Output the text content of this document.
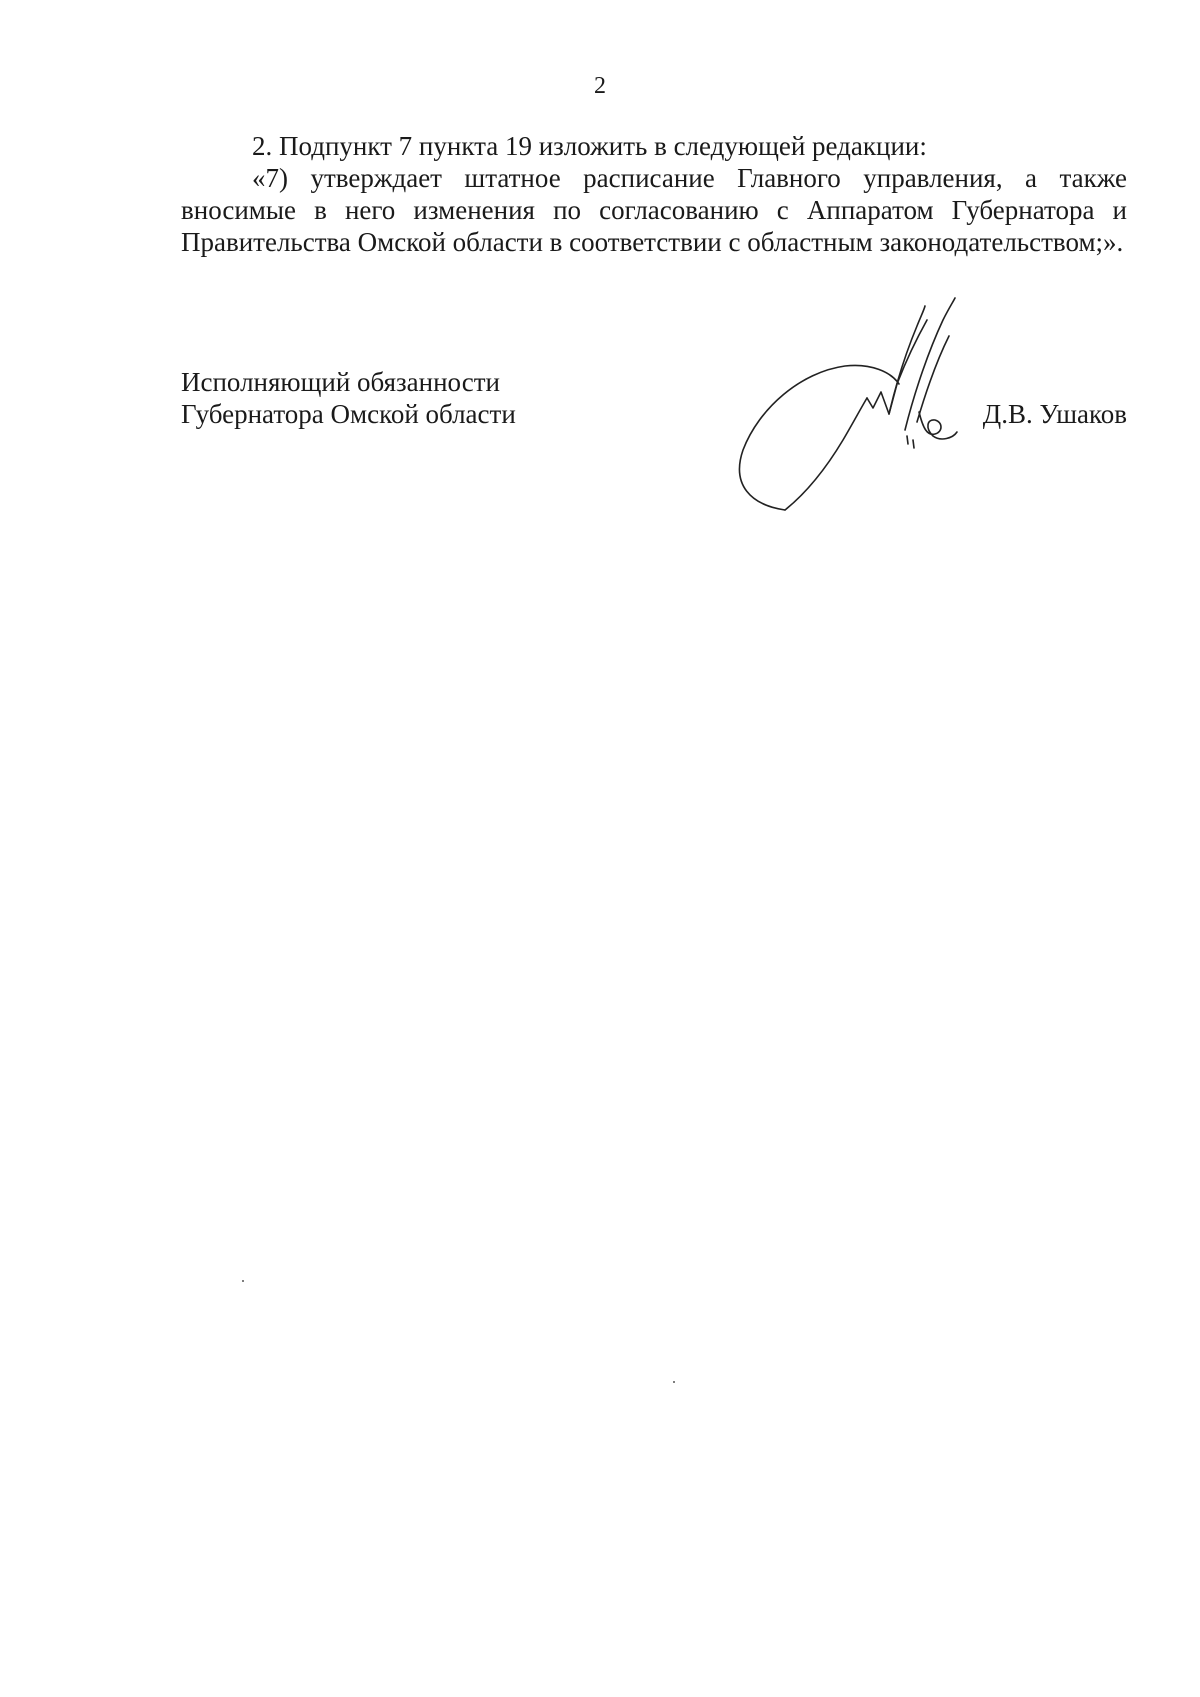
2

2. Подпункт 7 пункта 19 изложить в следующей редакции:

«7) утверждает штатное расписание Главного управления, а также вносимые в него изменения по согласованию с Аппаратом Губернатора и Правительства Омской области в соответствии с областным законодательством;».

Исполняющий обязанности
Губернатора Омской области	Д.В. Ушаков
